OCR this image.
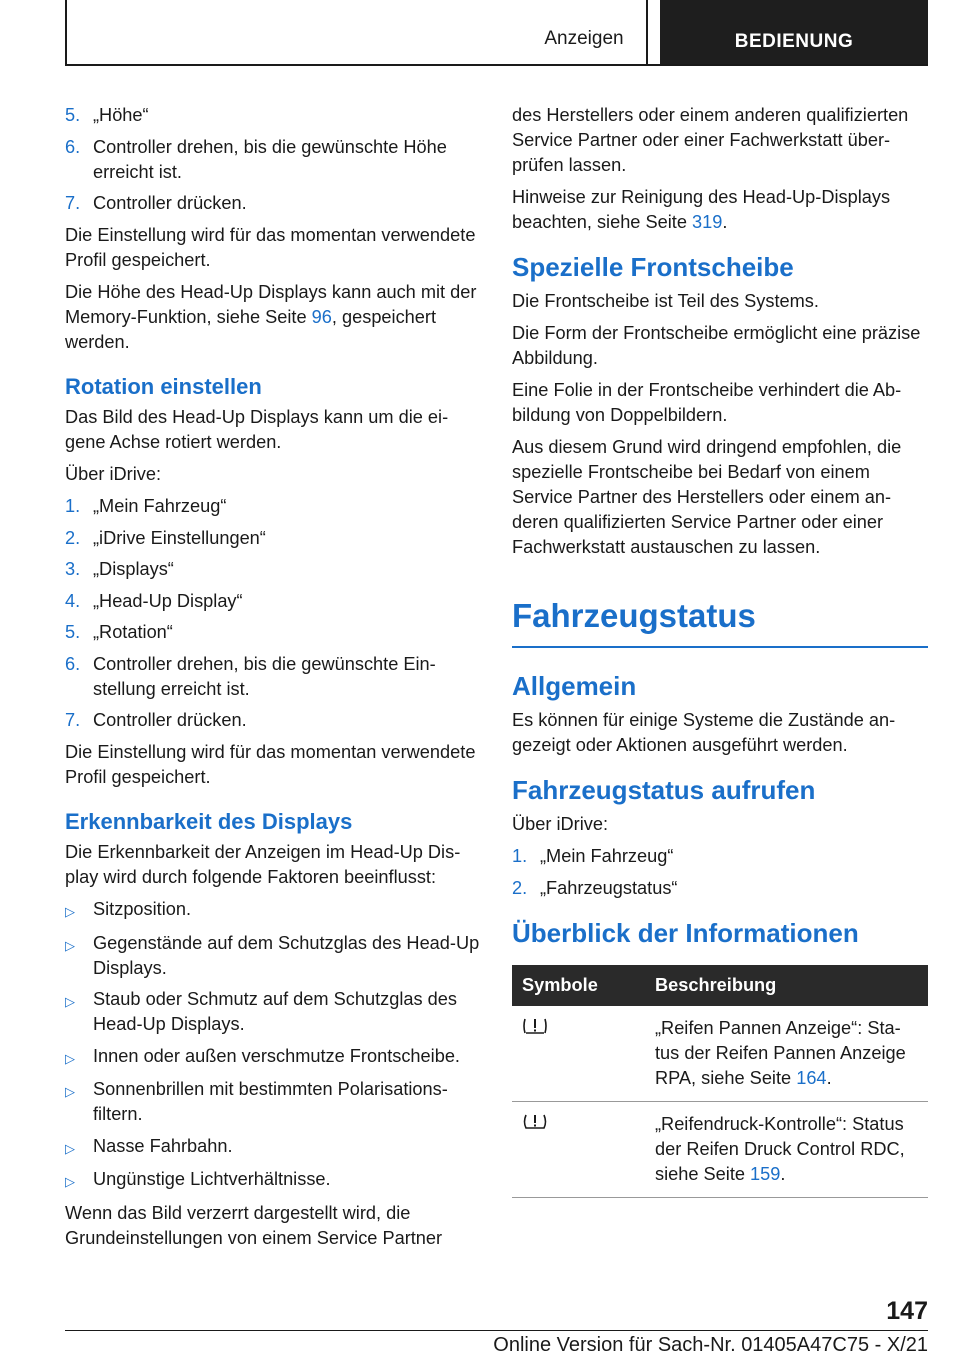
Anzeigen	BEDIENUNG
5. „Höhe“
6. Controller drehen, bis die gewünschte Höhe erreicht ist.
7. Controller drücken.

Die Einstellung wird für das momentan verwendete Profil gespeichert.

Die Höhe des Head-Up Displays kann auch mit der Memory-Funktion, siehe Seite 96, gespeichert werden.

Rotation einstellen

Das Bild des Head-Up Displays kann um die eigene Achse rotiert werden.

Über iDrive:

1. „Mein Fahrzeug“
2. „iDrive Einstellungen“
3. „Displays“
4. „Head-Up Display“
5. „Rotation“
6. Controller drehen, bis die gewünschte Einstellung erreicht ist.
7. Controller drücken.

Die Einstellung wird für das momentan verwendete Profil gespeichert.

Erkennbarkeit des Displays

Die Erkennbarkeit der Anzeigen im Head-Up Display wird durch folgende Faktoren beeinflusst:

▷ Sitzposition.
▷ Gegenstände auf dem Schutzglas des Head-Up Displays.
▷ Staub oder Schmutz auf dem Schutzglas des Head-Up Displays.
▷ Innen oder außen verschmutze Frontscheibe.
▷ Sonnenbrillen mit bestimmten Polarisationsfiltern.
▷ Nasse Fahrbahn.
▷ Ungünstige Lichtverhältnisse.

Wenn das Bild verzerrt dargestellt wird, die Grundeinstellungen von einem Service Partner

des Herstellers oder einem anderen qualifizierten Service Partner oder einer Fachwerkstatt überprüfen lassen.

Hinweise zur Reinigung des Head-Up-Displays beachten, siehe Seite 319.

Spezielle Frontscheibe

Die Frontscheibe ist Teil des Systems.

Die Form der Frontscheibe ermöglicht eine präzise Abbildung.

Eine Folie in der Frontscheibe verhindert die Abbildung von Doppelbildern.

Aus diesem Grund wird dringend empfohlen, die spezielle Frontscheibe bei Bedarf von einem Service Partner des Herstellers oder einem anderen qualifizierten Service Partner oder einer Fachwerkstatt austauschen zu lassen.

Fahrzeugstatus
Allgemein

Es können für einige Systeme die Zustände angezeigt oder Aktionen ausgeführt werden.

Fahrzeugstatus aufrufen

Über iDrive:

1. „Mein Fahrzeug“
2. „Fahrzeugstatus“
Überblick der Informationen
Symbole	Beschreibung
	„Reifen Pannen Anzeige“: Status der Reifen Pannen Anzeige RPA, siehe Seite 164.
	„Reifendruck-Kontrolle“: Status der Reifen Druck Control RDC, siehe Seite 159.
147
Online Version für Sach-Nr. 01405A47C75 - X/21
